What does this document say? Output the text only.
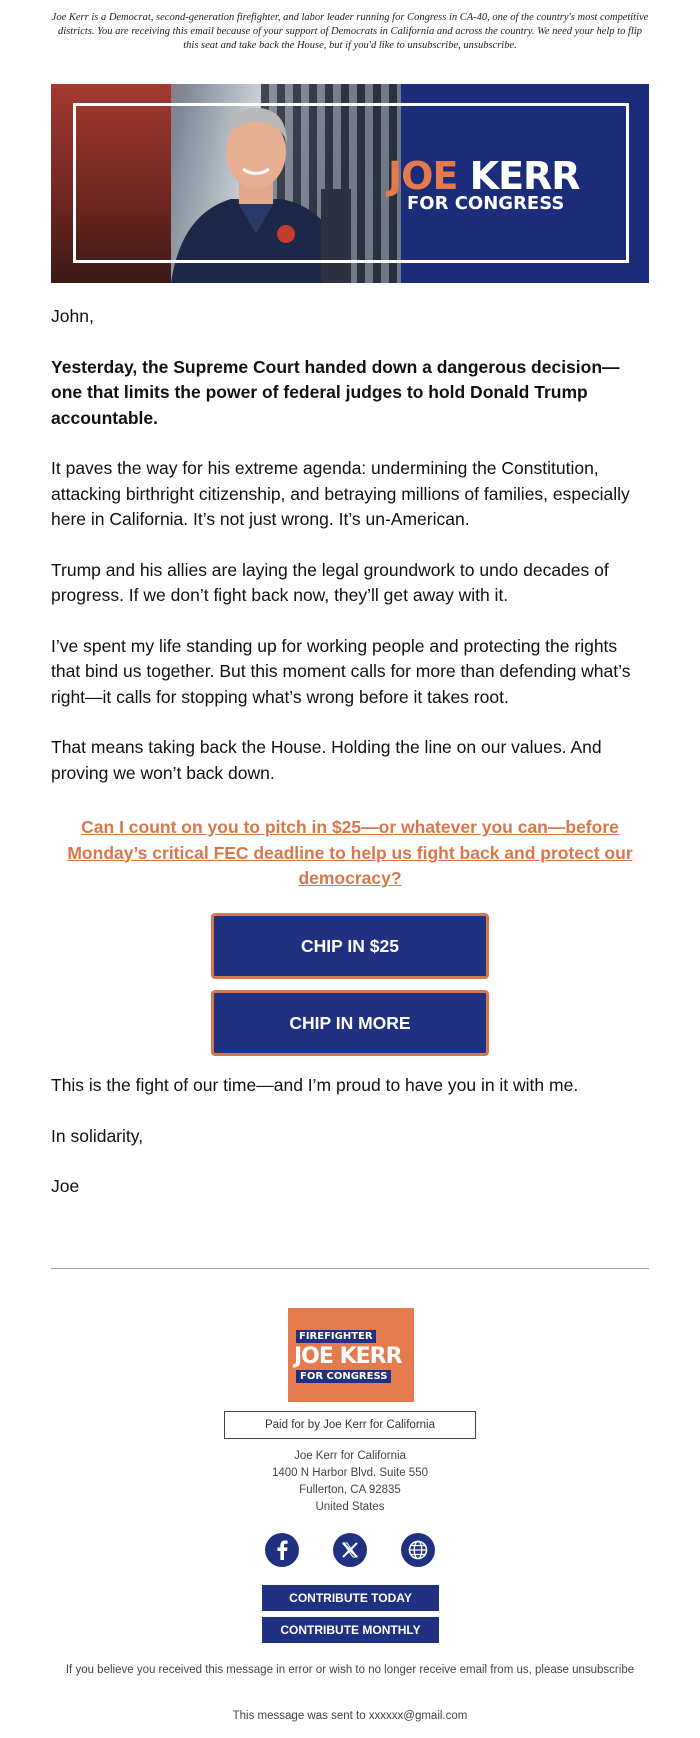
Joe Kerr is a Democrat, second-generation firefighter, and labor leader running for Congress in CA-40, one of the country's most competitive districts. You are receiving this email because of your support of Democrats in California and across the country. We need your help to flip this seat and take back the House, but if you'd like to unsubscribe, unsubscribe.
JOE KERR
FOR CONGRESS

John,

Yesterday, the Supreme Court handed down a dangerous decision—one that limits the power of federal judges to hold Donald Trump accountable.

It paves the way for his extreme agenda: undermining the Constitution, attacking birthright citizenship, and betraying millions of families, especially here in California. It’s not just wrong. It’s un-American.

Trump and his allies are laying the legal groundwork to undo decades of progress. If we don’t fight back now, they’ll get away with it.

I’ve spent my life standing up for working people and protecting the rights that bind us together. But this moment calls for more than defending what’s right—it calls for stopping what’s wrong before it takes root.

That means taking back the House. Holding the line on our values. And proving we won’t back down.

Can I count on you to pitch in $25—or whatever you can—before Monday’s critical FEC deadline to help us fight back and protect our democracy?
CHIP IN $25
CHIP IN MORE

This is the fight of our time—and I’m proud to have you in it with me.

In solidarity,

Joe

FIREFIGHTER
JOE KERR
FOR CONGRESS
Paid for by Joe Kerr for California
Joe Kerr for California
1400 N Harbor Blvd. Suite 550
Fullerton, CA 92835
United States
CONTRIBUTE TODAY
CONTRIBUTE MONTHLY
If you believe you received this message in error or wish to no longer receive email from us, please unsubscribe
This message was sent to xxxxxx@gmail.com
